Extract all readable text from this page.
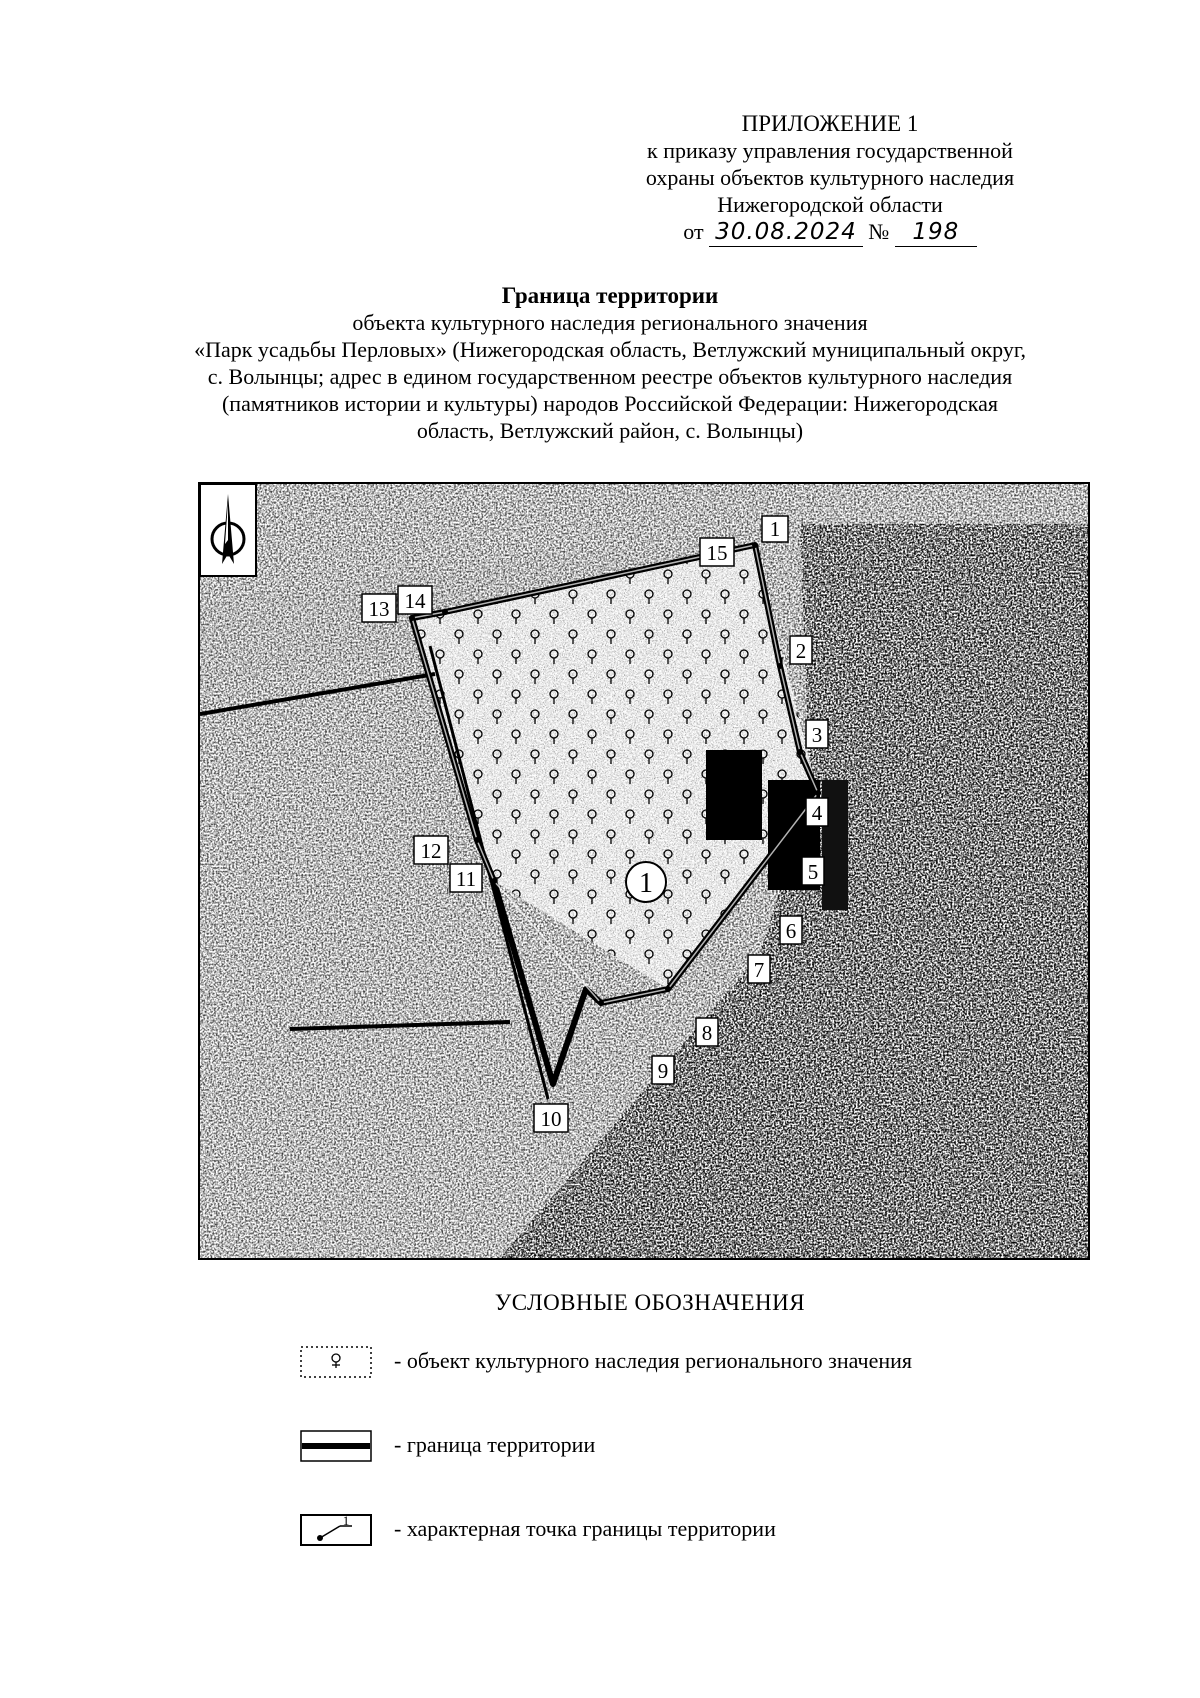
ПРИЛОЖЕНИЕ 1
к приказу управления государственной
охраны объектов культурного наследия
Нижегородской области
от 30.08.2024 № 198
Граница территории
объекта культурного наследия регионального значения
«Парк усадьбы Перловых» (Нижегородская область, Ветлужский муниципальный округ,
с. Волынцы; адрес в едином государственном реестре объектов культурного наследия
(памятников истории и культуры) народов Российской Федерации: Нижегородская
область, Ветлужский район, с. Волынцы)
1
2
3
4
5
6
7
8
9
10
11
12
13 14
15
1
УСЛОВНЫЕ ОБОЗНАЧЕНИЯ
- объект культурного наследия регионального значения
- граница территории
1 - характерная точка границы территории
